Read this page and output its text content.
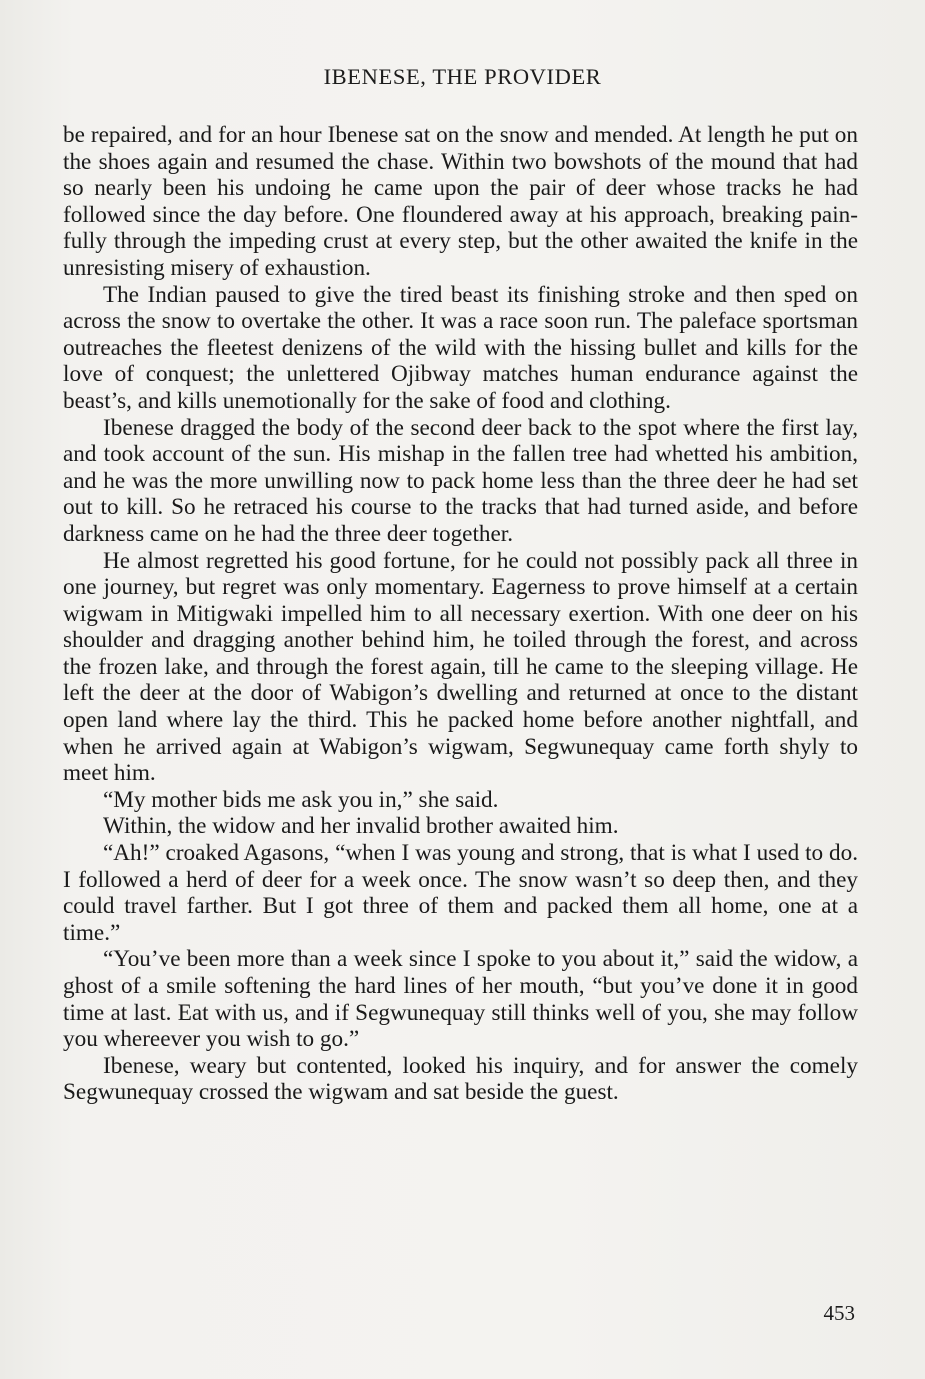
IBENESE, THE PROVIDER

be repaired, and for an hour Ibenese sat on the snow and mended. At length he put on the shoes again and resumed the chase. Within two bowshots of the mound that had so nearly been his undoing he came upon the pair of deer whose tracks he had followed since the day before. One floundered away at his approach, breaking painfully through the impeding crust at every step, but the other awaited the knife in the unresisting misery of exhaustion.

The Indian paused to give the tired beast its finishing stroke and then sped on across the snow to overtake the other. It was a race soon run. The paleface sportsman outreaches the fleetest denizens of the wild with the hissing bullet and kills for the love of conquest; the unlettered Ojibway matches human endurance against the beast’s, and kills unemotionally for the sake of food and clothing.

Ibenese dragged the body of the second deer back to the spot where the first lay, and took account of the sun. His mishap in the fallen tree had whetted his ambition, and he was the more unwilling now to pack home less than the three deer he had set out to kill. So he retraced his course to the tracks that had turned aside, and before darkness came on he had the three deer together.

He almost regretted his good fortune, for he could not possibly pack all three in one journey, but regret was only momentary. Eagerness to prove himself at a certain wigwam in Mitigwaki impelled him to all necessary exertion. With one deer on his shoulder and dragging another behind him, he toiled through the forest, and across the frozen lake, and through the forest again, till he came to the sleeping village. He left the deer at the door of Wabigon’s dwelling and returned at once to the distant open land where lay the third. This he packed home before another nightfall, and when he arrived again at Wabigon’s wigwam, Segwunequay came forth shyly to meet him.

“My mother bids me ask you in,” she said.

Within, the widow and her invalid brother awaited him.

“Ah!” croaked Agasons, “when I was young and strong, that is what I used to do. I followed a herd of deer for a week once. The snow wasn’t so deep then, and they could travel farther. But I got three of them and packed them all home, one at a time.”

“You’ve been more than a week since I spoke to you about it,” said the widow, a ghost of a smile softening the hard lines of her mouth, “but you’ve done it in good time at last. Eat with us, and if Segwunequay still thinks well of you, she may follow you whereever you wish to go.”

Ibenese, weary but contented, looked his inquiry, and for answer the comely Segwunequay crossed the wigwam and sat beside the guest.

453
